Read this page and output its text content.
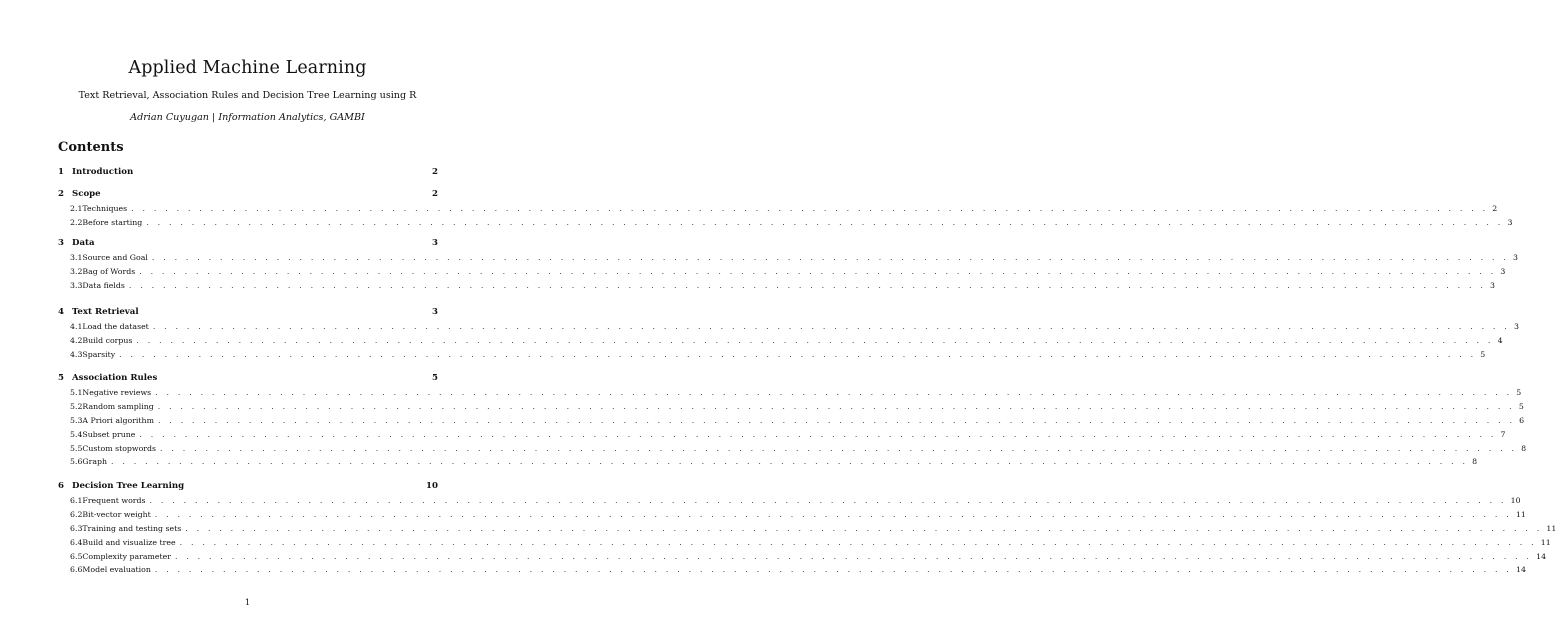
Applied Machine Learning
Text Retrieval, Association Rules and Decision Tree Learning using R
Adrian Cuyugan | Information Analytics, GAMBI
Contents
1 Introduction	2
2 Scope	2
2.1 Techniques . . . . . . . . . . . . . . . . . . . . . . . . . . . . . . . . . . . . . . . . . . . . . . . . . . . . . . . . . . . . . . . . . . . . . . . . . . . . . . . . . . . . . . . . . . . . . . . . . . . . . . . . . . . . . . . . . . . . . . . . 2
2.2 Before starting . . . . . . . . . . . . . . . . . . . . . . . . . . . . . . . . . . . . . . . . . . . . . . . . . . . . . . . . . . . . . . . . . . . . . . . . . . . . . . . . . . . . . . . . . . . . . . . . . . . . . . . . . . . . . . . . . . . . . . . . 3
3 Data	3
3.1 Source and Goal . . . . . . . . . . . . . . . . . . . . . . . . . . . . . . . . . . . . . . . . . . . . . . . . . . . . . . . . . . . . . . . . . . . . . . . . . . . . . . . . . . . . . . . . . . . . . . . . . . . . . . . . . . . . . . . . . . . . . . . . 3
3.2 Bag of Words . . . . . . . . . . . . . . . . . . . . . . . . . . . . . . . . . . . . . . . . . . . . . . . . . . . . . . . . . . . . . . . . . . . . . . . . . . . . . . . . . . . . . . . . . . . . . . . . . . . . . . . . . . . . . . . . . . . . . . . . 3
3.3 Data fields . . . . . . . . . . . . . . . . . . . . . . . . . . . . . . . . . . . . . . . . . . . . . . . . . . . . . . . . . . . . . . . . . . . . . . . . . . . . . . . . . . . . . . . . . . . . . . . . . . . . . . . . . . . . . . . . . . . . . . . . 3
4 Text Retrieval	3
4.1 Load the dataset . . . . . . . . . . . . . . . . . . . . . . . . . . . . . . . . . . . . . . . . . . . . . . . . . . . . . . . . . . . . . . . . . . . . . . . . . . . . . . . . . . . . . . . . . . . . . . . . . . . . . . . . . . . . . . . . . . . . . . . . 3
4.2 Build corpus . . . . . . . . . . . . . . . . . . . . . . . . . . . . . . . . . . . . . . . . . . . . . . . . . . . . . . . . . . . . . . . . . . . . . . . . . . . . . . . . . . . . . . . . . . . . . . . . . . . . . . . . . . . . . . . . . . . . . . . . 4
4.3 Sparsity . . . . . . . . . . . . . . . . . . . . . . . . . . . . . . . . . . . . . . . . . . . . . . . . . . . . . . . . . . . . . . . . . . . . . . . . . . . . . . . . . . . . . . . . . . . . . . . . . . . . . . . . . . . . . . . . . . . . . . . . 5
5 Association Rules	5
5.1 Negative reviews . . . . . . . . . . . . . . . . . . . . . . . . . . . . . . . . . . . . . . . . . . . . . . . . . . . . . . . . . . . . . . . . . . . . . . . . . . . . . . . . . . . . . . . . . . . . . . . . . . . . . . . . . . . . . . . . . . . . . . . . 5
5.2 Random sampling . . . . . . . . . . . . . . . . . . . . . . . . . . . . . . . . . . . . . . . . . . . . . . . . . . . . . . . . . . . . . . . . . . . . . . . . . . . . . . . . . . . . . . . . . . . . . . . . . . . . . . . . . . . . . . . . . . . . . . . . 5
5.3 A Priori algorithm . . . . . . . . . . . . . . . . . . . . . . . . . . . . . . . . . . . . . . . . . . . . . . . . . . . . . . . . . . . . . . . . . . . . . . . . . . . . . . . . . . . . . . . . . . . . . . . . . . . . . . . . . . . . . . . . . . . . . . . . 6
5.4 Subset prune . . . . . . . . . . . . . . . . . . . . . . . . . . . . . . . . . . . . . . . . . . . . . . . . . . . . . . . . . . . . . . . . . . . . . . . . . . . . . . . . . . . . . . . . . . . . . . . . . . . . . . . . . . . . . . . . . . . . . . . . 7
5.5 Custom stopwords . . . . . . . . . . . . . . . . . . . . . . . . . . . . . . . . . . . . . . . . . . . . . . . . . . . . . . . . . . . . . . . . . . . . . . . . . . . . . . . . . . . . . . . . . . . . . . . . . . . . . . . . . . . . . . . . . . . . . . . . 8
5.6 Graph . . . . . . . . . . . . . . . . . . . . . . . . . . . . . . . . . . . . . . . . . . . . . . . . . . . . . . . . . . . . . . . . . . . . . . . . . . . . . . . . . . . . . . . . . . . . . . . . . . . . . . . . . . . . . . . . . . . . . . . . 8
6 Decision Tree Learning	10
6.1 Frequent words . . . . . . . . . . . . . . . . . . . . . . . . . . . . . . . . . . . . . . . . . . . . . . . . . . . . . . . . . . . . . . . . . . . . . . . . . . . . . . . . . . . . . . . . . . . . . . . . . . . . . . . . . . . . . . . . . . . . . . . . 10
6.2 Bit-vector weight . . . . . . . . . . . . . . . . . . . . . . . . . . . . . . . . . . . . . . . . . . . . . . . . . . . . . . . . . . . . . . . . . . . . . . . . . . . . . . . . . . . . . . . . . . . . . . . . . . . . . . . . . . . . . . . . . . . . . . . . 11
6.3 Training and testing sets . . . . . . . . . . . . . . . . . . . . . . . . . . . . . . . . . . . . . . . . . . . . . . . . . . . . . . . . . . . . . . . . . . . . . . . . . . . . . . . . . . . . . . . . . . . . . . . . . . . . . . . . . . . . . . . . . . . . . . . . 11
6.4 Build and visualize tree . . . . . . . . . . . . . . . . . . . . . . . . . . . . . . . . . . . . . . . . . . . . . . . . . . . . . . . . . . . . . . . . . . . . . . . . . . . . . . . . . . . . . . . . . . . . . . . . . . . . . . . . . . . . . . . . . . . . . . . . 11
6.5 Complexity parameter . . . . . . . . . . . . . . . . . . . . . . . . . . . . . . . . . . . . . . . . . . . . . . . . . . . . . . . . . . . . . . . . . . . . . . . . . . . . . . . . . . . . . . . . . . . . . . . . . . . . . . . . . . . . . . . . . . . . . . . . 14
6.6 Model evaluation . . . . . . . . . . . . . . . . . . . . . . . . . . . . . . . . . . . . . . . . . . . . . . . . . . . . . . . . . . . . . . . . . . . . . . . . . . . . . . . . . . . . . . . . . . . . . . . . . . . . . . . . . . . . . . . . . . . . . . . . 14
1
